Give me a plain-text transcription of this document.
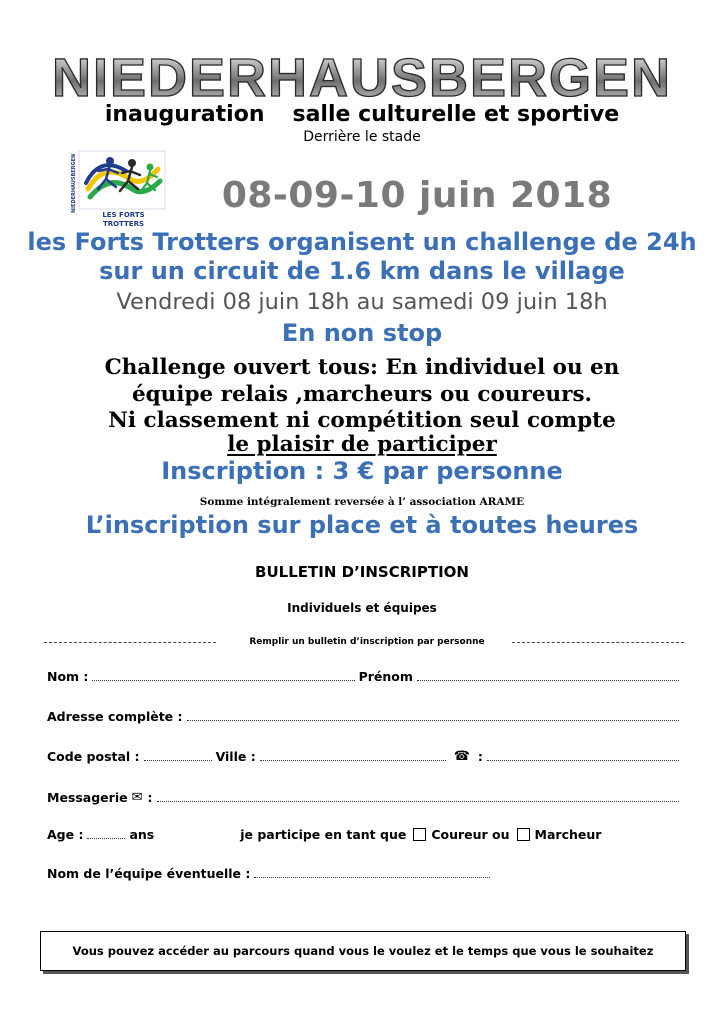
NIEDERHAUSBERGEN
inauguration salle culturelle et sportive
Derrière le stade
NIEDERHAUSBERGEN
LES FORTS TROTTERS
08-09-10 juin 2018
les Forts Trotters organisent un challenge de 24h
sur un circuit de 1.6 km dans le village
Vendredi 08 juin 18h au samedi 09 juin 18h
En non stop
Challenge ouvert tous: En individuel ou en
équipe relais ,marcheurs ou coureurs.
Ni classement ni compétition seul compte
le plaisir de participer
Inscription : 3 € par personne
Somme intégralement reversée à l’ association ARAME
L’inscription sur place et à toutes heures
BULLETIN D’INSCRIPTION
Individuels et équipes
Remplir un bulletin d’inscription par personne
Nom :	Prénom
Adresse complète :
Code postal :	Ville :	☎ :
Messagerie ✉ :
Age :	ans	je participe en tant que Coureur ou Marcheur
Nom de l’équipe éventuelle :
Vous pouvez accéder au parcours quand vous le voulez et le temps que vous le souhaitez
